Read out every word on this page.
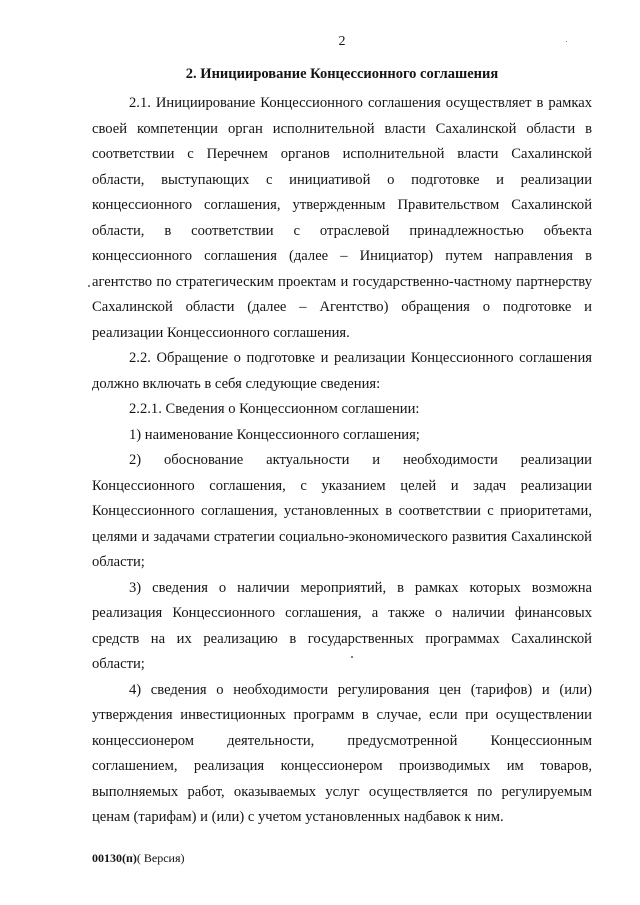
2
2. Инициирование Концессионного соглашения

2.1. Инициирование Концессионного соглашения осуществляет в рамках своей компетенции орган исполнительной власти Сахалинской области в соответствии с Перечнем органов исполнительной власти Сахалинской области, выступающих с инициативой о подготовке и реализации концессионного соглашения, утвержденным Правительством Сахалинской области, в соответствии с отраслевой принадлежностью объекта концессионного соглашения (далее – Инициатор) путем направления в агентство по стратегическим проектам и государственно-частному партнерству Сахалинской области (далее – Агентство) обращения о подготовке и реализации Концессионного соглашения.

2.2. Обращение о подготовке и реализации Концессионного соглашения должно включать в себя следующие сведения:

2.2.1. Сведения о Концессионном соглашении:

1) наименование Концессионного соглашения;

2) обоснование актуальности и необходимости реализации Концессионного соглашения, с указанием целей и задач реализации Концессионного соглашения, установленных в соответствии с приоритетами, целями и задачами стратегии социально-экономического развития Сахалинской области;

3) сведения о наличии мероприятий, в рамках которых возможна реализация Концессионного соглашения, а также о наличии финансовых средств на их реализацию в государственных программах Сахалинской области;

4) сведения о необходимости регулирования цен (тарифов) и (или) утверждения инвестиционных программ в случае, если при осуществлении концессионером деятельности, предусмотренной Концессионным соглашением, реализация концессионером производимых им товаров, выполняемых работ, оказываемых услуг осуществляется по регулируемым ценам (тарифам) и (или) с учетом установленных надбавок к ним.

00130(п)( Версия)
